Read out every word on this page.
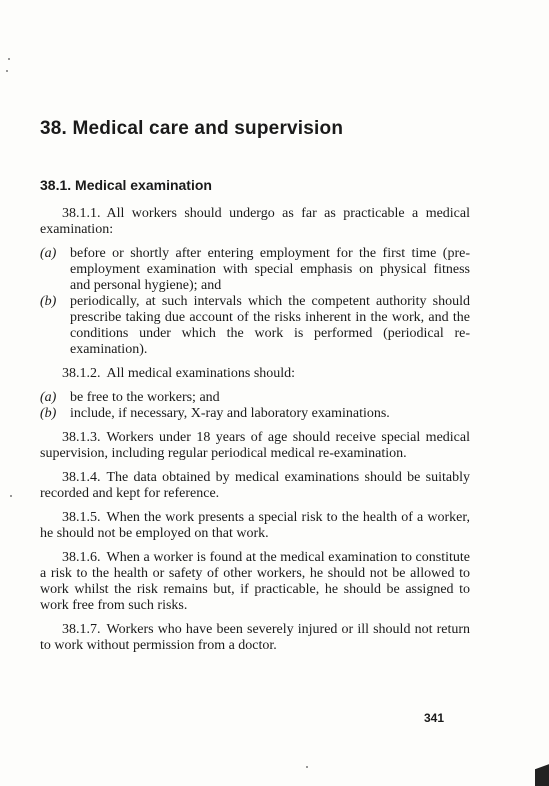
38. Medical care and supervision
38.1. Medical examination

38.1.1. All workers should undergo as far as practicable a medical examination:

(a) before or shortly after entering employment for the first time (pre-employment examination with special emphasis on physical fitness and personal hygiene); and
(b) periodically, at such intervals which the competent authority should prescribe taking due account of the risks inherent in the work, and the conditions under which the work is performed (periodical re-examination).

38.1.2. All medical examinations should:

(a) be free to the workers; and
(b) include, if necessary, X-ray and laboratory examinations.

38.1.3. Workers under 18 years of age should receive special medical supervision, including regular periodical medical re-examination.

38.1.4. The data obtained by medical examinations should be suitably recorded and kept for reference.

38.1.5. When the work presents a special risk to the health of a worker, he should not be employed on that work.

38.1.6. When a worker is found at the medical examination to constitute a risk to the health or safety of other workers, he should not be allowed to work whilst the risk remains but, if practicable, he should be assigned to work free from such risks.

38.1.7. Workers who have been severely injured or ill should not return to work without permission from a doctor.

341
